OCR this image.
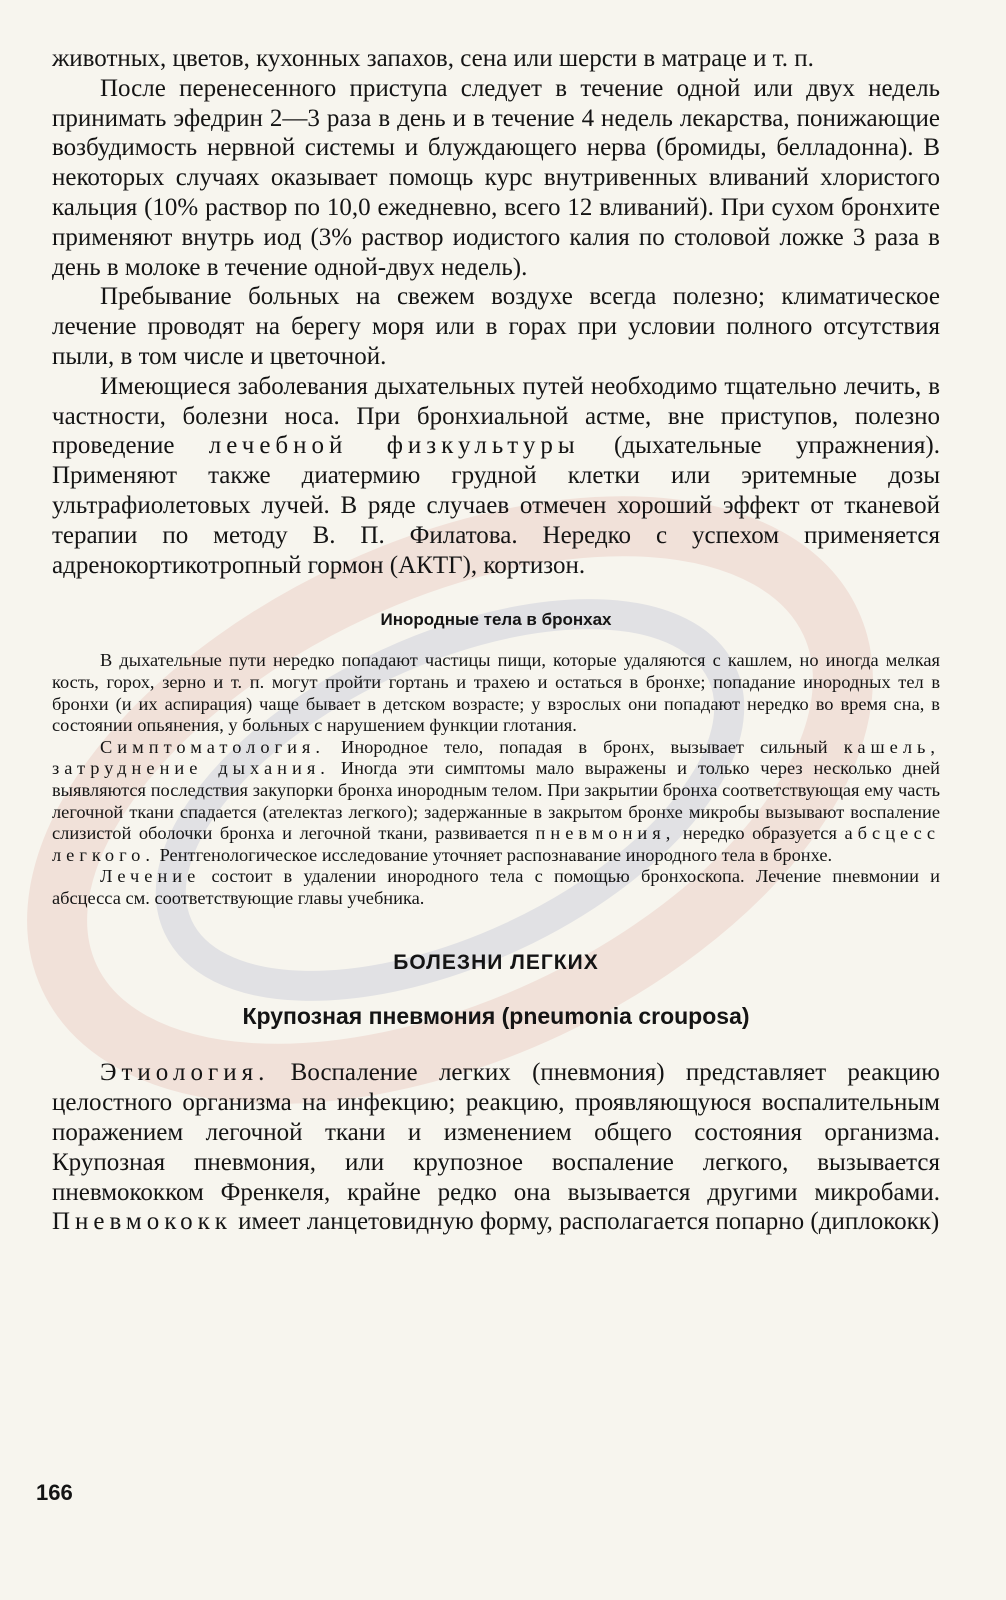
животных, цветов, кухонных запахов, сена или шерсти в матраце и т. п.

После перенесенного приступа следует в течение одной или двух недель принимать эфедрин 2—3 раза в день и в течение 4 недель лекарства, понижающие возбудимость нервной системы и блуждающего нерва (бромиды, белладонна). В некоторых случаях оказывает помощь курс внутривенных вливаний хлористого кальция (10% раствор по 10,0 ежедневно, всего 12 вливаний). При сухом бронхите применяют внутрь иод (3% раствор иодистого калия по столовой ложке 3 раза в день в молоке в течение одной-двух недель).

Пребывание больных на свежем воздухе всегда полезно; климатическое лечение проводят на берегу моря или в горах при условии полного отсутствия пыли, в том числе и цветочной.

Имеющиеся заболевания дыхательных путей необходимо тщательно лечить, в частности, болезни носа. При бронхиальной астме, вне приступов, полезно проведение лечебной физкультуры (дыхательные упражнения). Применяют также диатермию грудной клетки или эритемные дозы ультрафиолетовых лучей. В ряде случаев отмечен хороший эффект от тканевой терапии по методу В. П. Филатова. Нередко с успехом применяется адренокортикотропный гормон (АКТГ), кортизон.

Инородные тела в бронхах

В дыхательные пути нередко попадают частицы пищи, которые удаляются с кашлем, но иногда мелкая кость, горох, зерно и т. п. могут пройти гортань и трахею и остаться в бронхе; попадание инородных тел в бронхи (и их аспирация) чаще бывает в детском возрасте; у взрослых они попадают нередко во время сна, в состоянии опьянения, у больных с нарушением функции глотания.

Симптоматология. Инородное тело, попадая в бронх, вызывает сильный кашель, затруднение дыхания. Иногда эти симптомы мало выражены и только через несколько дней выявляются последствия закупорки бронха инородным телом. При закрытии бронха соответствующая ему часть легочной ткани спадается (ателектаз легкого); задержанные в закрытом бронхе микробы вызывают воспаление слизистой оболочки бронха и легочной ткани, развивается пневмония, нередко образуется абсцесс легкого. Рентгенологическое исследование уточняет распознавание инородного тела в бронхе.

Лечение состоит в удалении инородного тела с помощью бронхоскопа. Лечение пневмонии и абсцесса см. соответствующие главы учебника.

БОЛЕЗНИ ЛЕГКИХ
Крупозная пневмония (pneumonia crouposa)

Этиология. Воспаление легких (пневмония) представляет реакцию целостного организма на инфекцию; реакцию, проявляющуюся воспалительным поражением легочной ткани и изменением общего состояния организма. Крупозная пневмония, или крупозное воспаление легкого, вызывается пневмококком Френкеля, крайне редко она вызывается другими микробами. Пневмококк имеет ланцетовидную форму, располагается попарно (диплококк)

166
